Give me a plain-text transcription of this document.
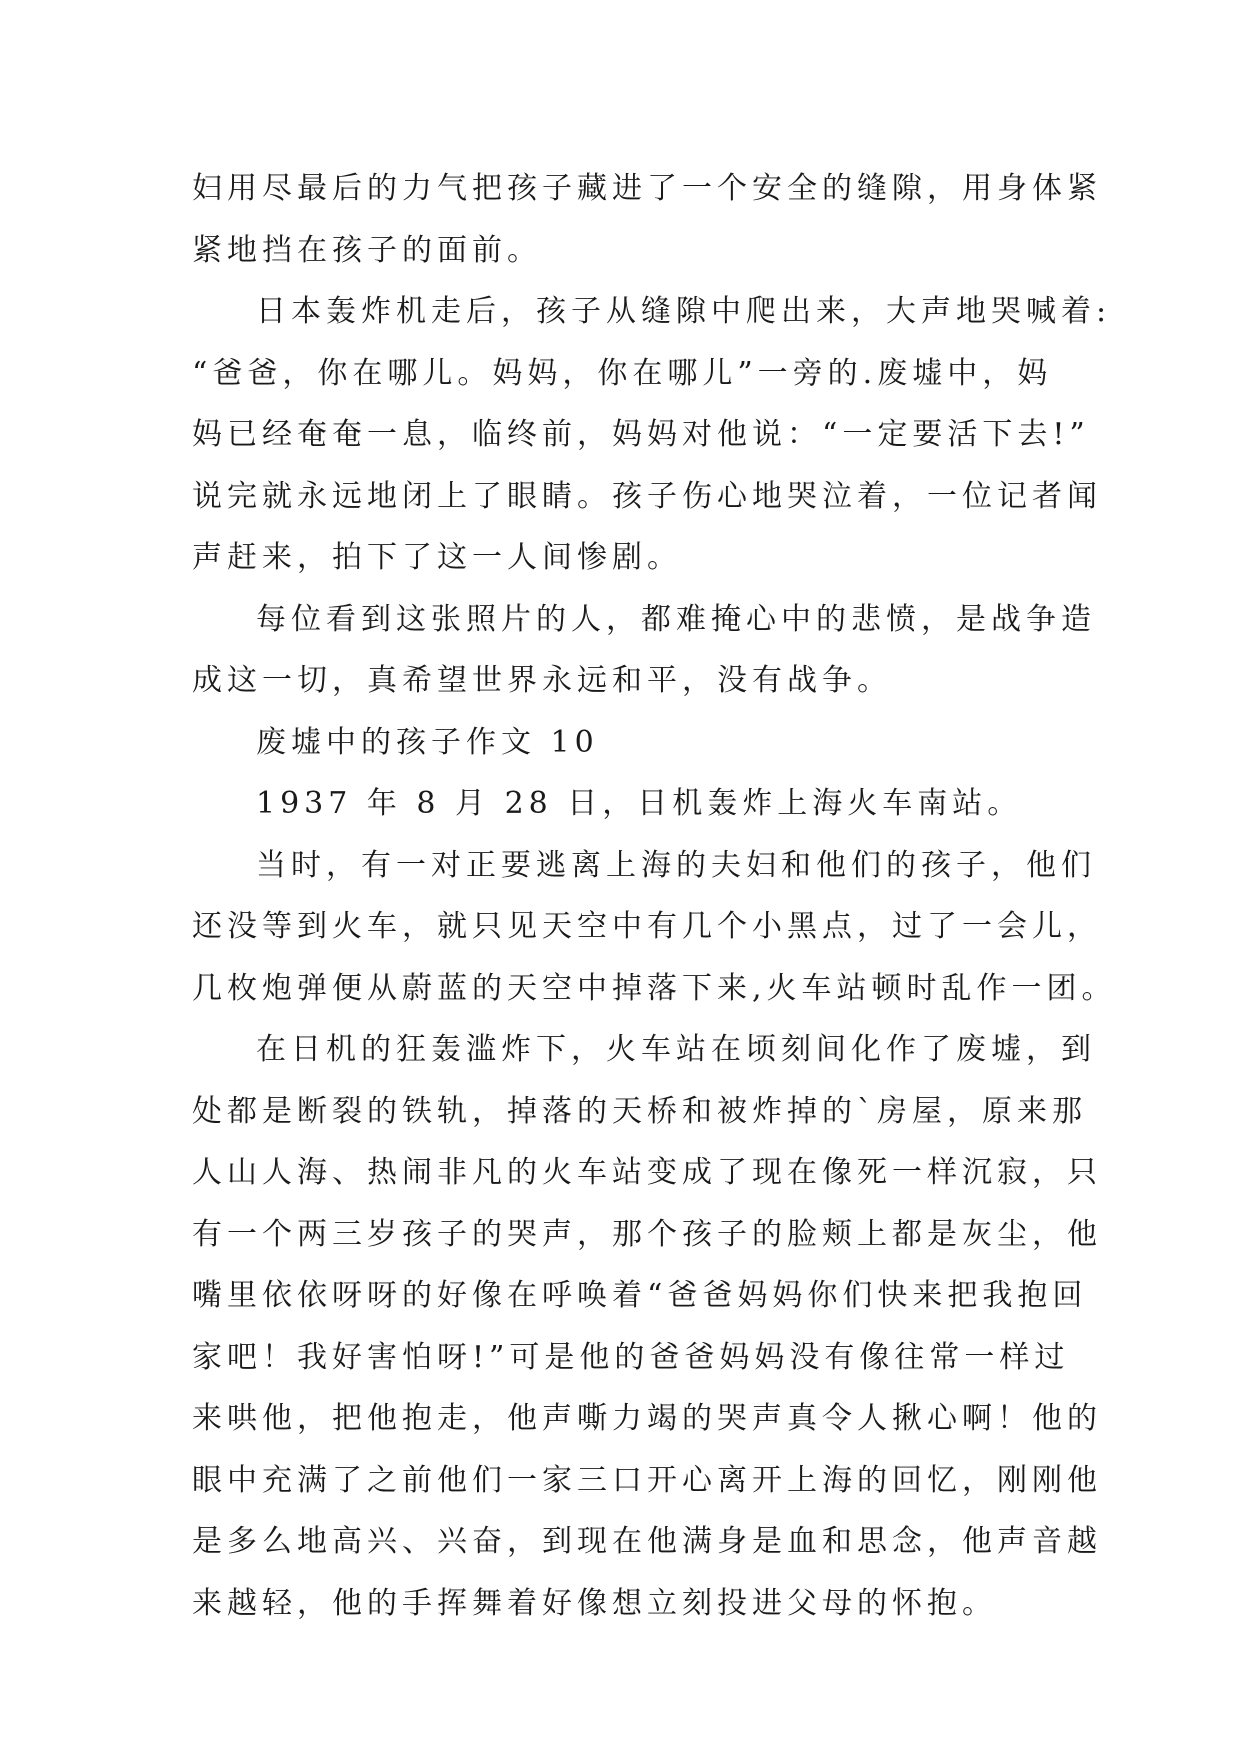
妇用尽最后的力气把孩子藏进了一个安全的缝隙，用身体紧
紧地挡在孩子的面前。
日本轰炸机走后，孩子从缝隙中爬出来，大声地哭喊着:
“爸爸，你在哪儿。妈妈，你在哪儿”一旁的.废墟中，妈
妈已经奄奄一息，临终前，妈妈对他说：“一定要活下去!”
说完就永远地闭上了眼睛。孩子伤心地哭泣着，一位记者闻
声赶来，拍下了这一人间惨剧。
每位看到这张照片的人，都难掩心中的悲愤，是战争造
成这一切，真希望世界永远和平，没有战争。
废墟中的孩子作文 10
1937 年 8 月 28 日，日机轰炸上海火车南站。
当时，有一对正要逃离上海的夫妇和他们的孩子，他们
还没等到火车，就只见天空中有几个小黑点，过了一会儿，
几枚炮弹便从蔚蓝的天空中掉落下来,火车站顿时乱作一团。
在日机的狂轰滥炸下，火车站在顷刻间化作了废墟，到
处都是断裂的铁轨，掉落的天桥和被炸掉的`房屋，原来那
人山人海、热闹非凡的火车站变成了现在像死一样沉寂，只
有一个两三岁孩子的哭声，那个孩子的脸颊上都是灰尘，他
嘴里依依呀呀的好像在呼唤着“爸爸妈妈你们快来把我抱回
家吧！我好害怕呀!”可是他的爸爸妈妈没有像往常一样过
来哄他，把他抱走，他声嘶力竭的哭声真令人揪心啊！他的
眼中充满了之前他们一家三口开心离开上海的回忆，刚刚他
是多么地高兴、兴奋，到现在他满身是血和思念，他声音越
来越轻，他的手挥舞着好像想立刻投进父母的怀抱。
